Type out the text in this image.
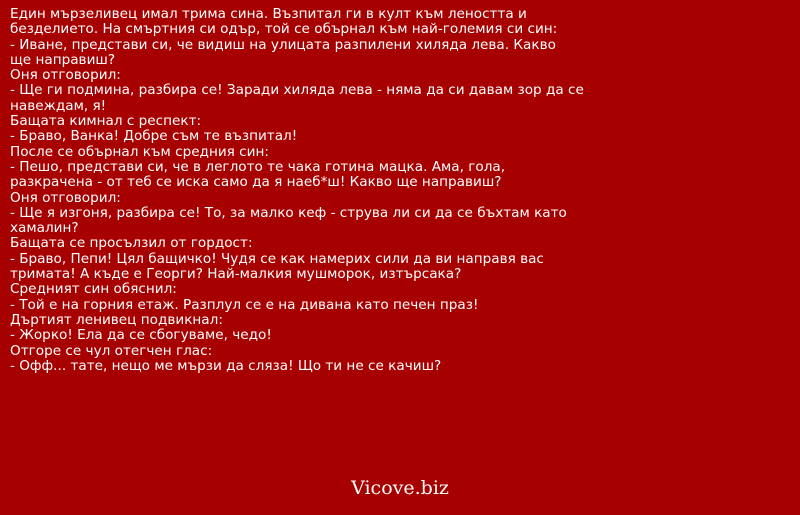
Един мързеливец имал трима сина. Възпитал ги в култ към леността и
безделието. На смъртния си одър, той се обърнал към най-големия си син:
- Иване, представи си, че видиш на улицата разпилени хиляда лева. Какво
ще направиш?
Оня отговорил:
- Ще ги подмина, разбира се! Заради хиляда лева - няма да си давам зор да се
навеждам, я!
Бащата кимнал с респект:
- Браво, Ванка! Добре съм те възпитал!
После се обърнал към средния син:
- Пешо, представи си, че в леглото те чака готина мацка. Ама, гола,
разкрачена - от теб се иска само да я наеб*ш! Какво ще направиш?
Оня отговорил:
- Ще я изгоня, разбира се! То, за малко кеф - струва ли си да се бъхтам като
хамалин?
Бащата се просълзил от гордост:
- Браво, Пепи! Цял бащичко! Чудя се как намерих сили да ви направя вас
тримата! А къде е Георги? Най-малкия мушморок, изтърсака?
Средният син обяснил:
- Той е на горния етаж. Разплул се е на дивана като печен праз!
Дъртият ленивец подвикнал:
- Жорко! Ела да се сбогуваме, чедо!
Отгоре се чул отегчен глас:
- Офф... тате, нещо ме мързи да сляза! Що ти не се качиш?
Vicove.biz
